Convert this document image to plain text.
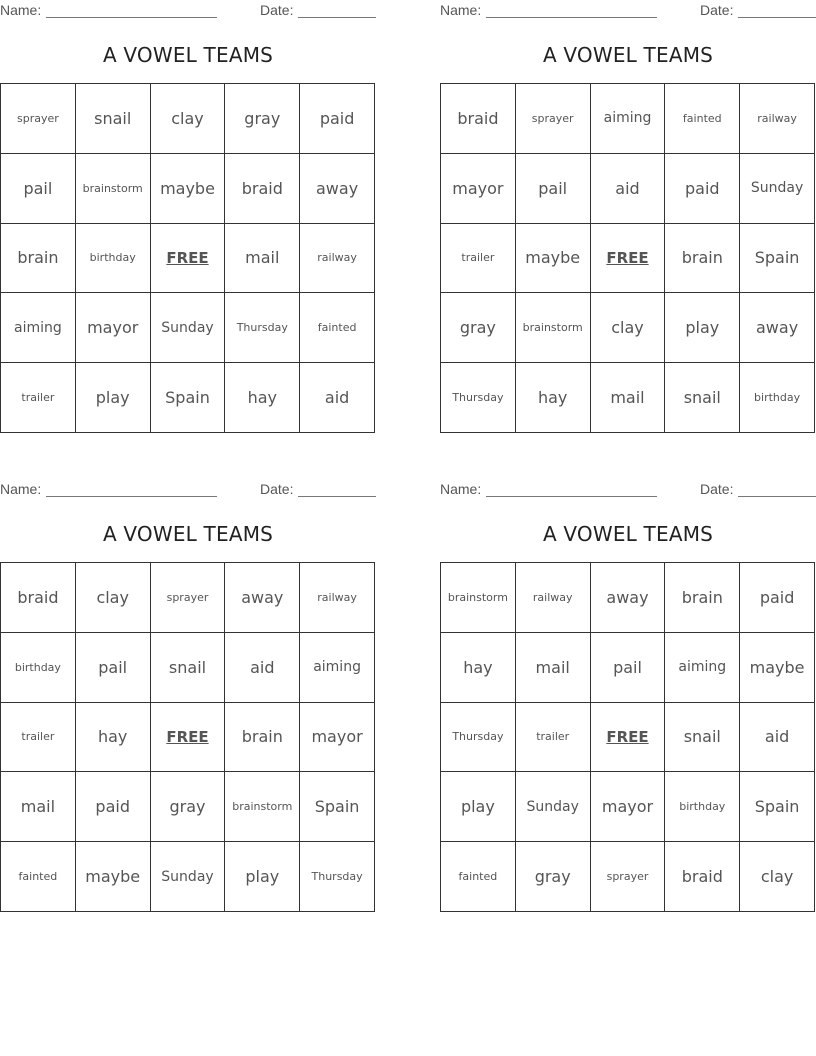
Name:	Date:
A VOWEL TEAMS
sprayer	snail	clay	gray	paid
pail	brainstorm	maybe	braid	away
brain	birthday	FREE	mail	railway
aiming	mayor	Sunday	Thursday	fainted
trailer	play	Spain	hay	aid
Name:	Date:
A VOWEL TEAMS
braid	sprayer	aiming	fainted	railway
mayor	pail	aid	paid	Sunday
trailer	maybe	FREE	brain	Spain
gray	brainstorm	clay	play	away
Thursday	hay	mail	snail	birthday
Name:	Date:
A VOWEL TEAMS
braid	clay	sprayer	away	railway
birthday	pail	snail	aid	aiming
trailer	hay	FREE	brain	mayor
mail	paid	gray	brainstorm	Spain
fainted	maybe	Sunday	play	Thursday
Name:	Date:
A VOWEL TEAMS
brainstorm	railway	away	brain	paid
hay	mail	pail	aiming	maybe
Thursday	trailer	FREE	snail	aid
play	Sunday	mayor	birthday	Spain
fainted	gray	sprayer	braid	clay
